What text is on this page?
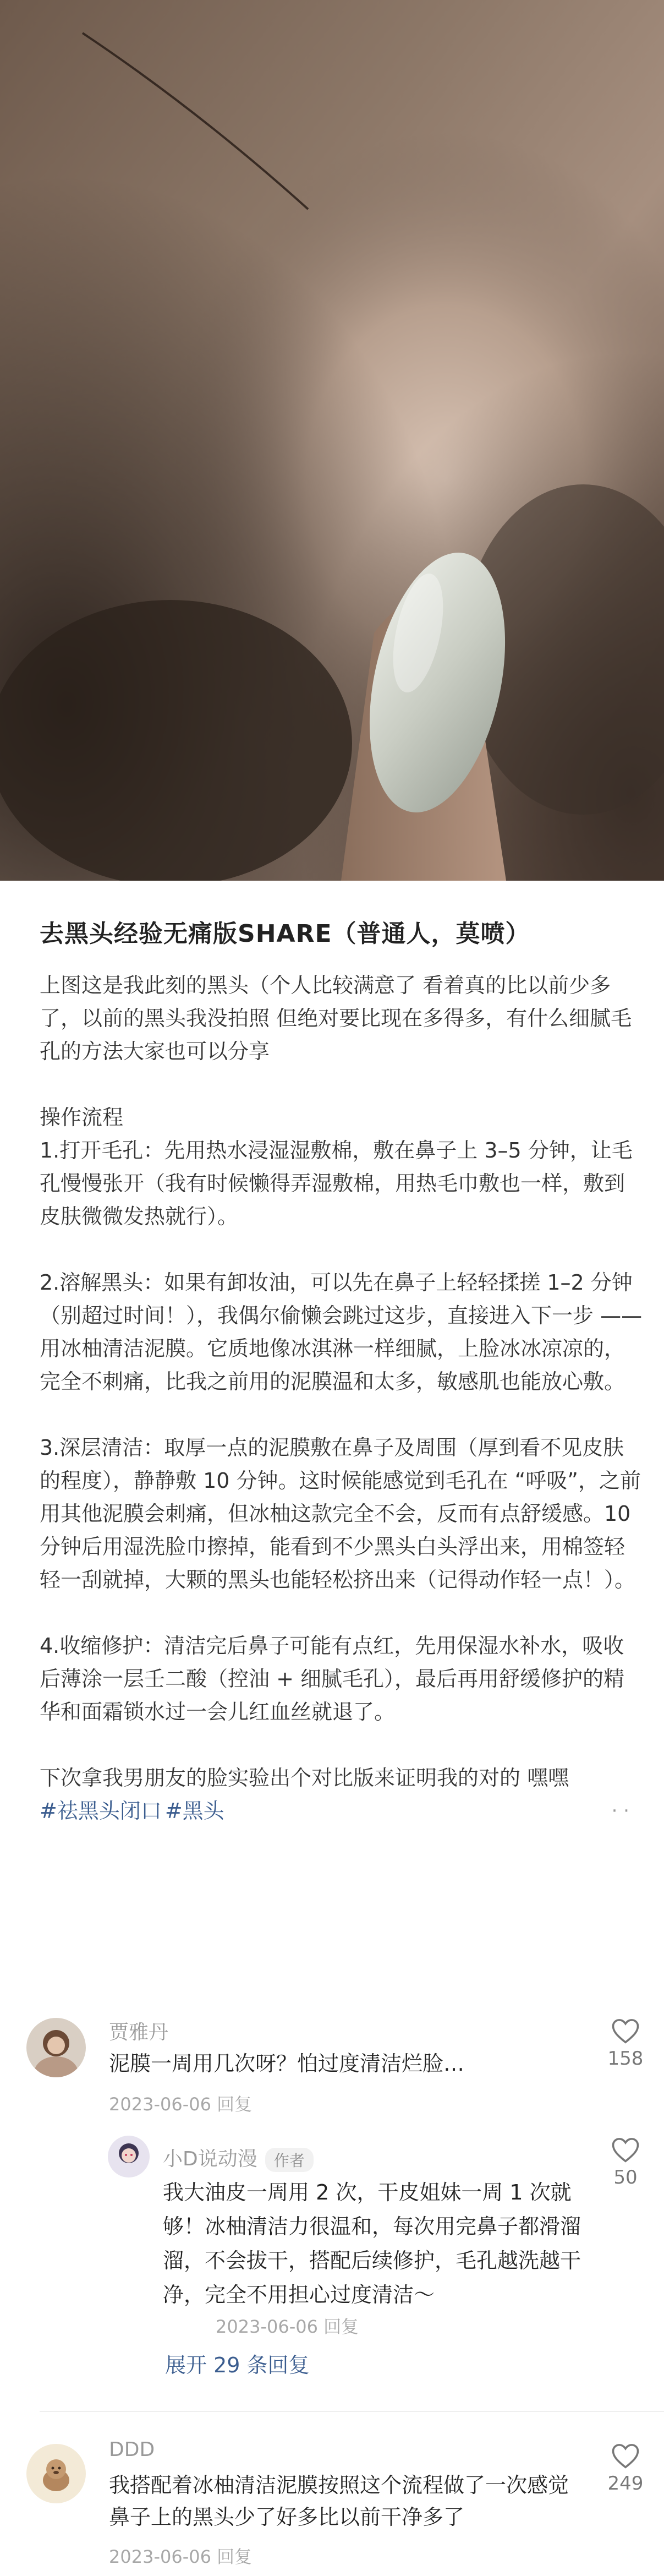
去黑头经验无痛版SHARE（普通人，莫喷）

上图这是我此刻的黑头（个人比较满意了 看着真的比以前少多了，以前的黑头我没拍照 但绝对要比现在多得多，有什么细腻毛孔的方法大家也可以分享

操作流程
1.打开毛孔：先用热水浸湿湿敷棉，敷在鼻子上 3–5 分钟，让毛孔慢慢张开（我有时候懒得弄湿敷棉，用热毛巾敷也一样，敷到皮肤微微发热就行）。

2.溶解黑头：如果有卸妆油，可以先在鼻子上轻轻揉搓 1–2 分钟（别超过时间！），我偶尔偷懒会跳过这步，直接进入下一步 —— 用冰柚清洁泥膜。它质地像冰淇淋一样细腻，上脸冰冰凉凉的，完全不刺痛，比我之前用的泥膜温和太多，敏感肌也能放心敷。

3.深层清洁：取厚一点的泥膜敷在鼻子及周围（厚到看不见皮肤的程度），静静敷 10 分钟。这时候能感觉到毛孔在 “呼吸”，之前用其他泥膜会刺痛，但冰柚这款完全不会，反而有点舒缓感。10 分钟后用湿洗脸巾擦掉，能看到不少黑头白头浮出来，用棉签轻轻一刮就掉，大颗的黑头也能轻松挤出来（记得动作轻一点！）。

4.收缩修护：清洁完后鼻子可能有点红，先用保湿水补水，吸收后薄涂一层壬二酸（控油 + 细腻毛孔），最后再用舒缓修护的精华和面霜锁水过一会儿红血丝就退了。

下次拿我男朋友的脸实验出个对比版来证明我的对的 嘿嘿

#祛黑头闭口 #黑头	· ·
贾雅丹
泥膜一周用几次呀？怕过度清洁烂脸…
2023-06-06 回复
158
小D说动漫 作者
我大油皮一周用 2 次，干皮姐妹一周 1 次就够！冰柚清洁力很温和，每次用完鼻子都滑溜溜，不会拔干，搭配后续修护，毛孔越洗越干净，完全不用担心过度清洁～
2023-06-06 回复
展开 29 条回复
50
DDD
我搭配着冰柚清洁泥膜按照这个流程做了一次感觉鼻子上的黑头少了好多比以前干净多了
2023-06-06 回复
249
